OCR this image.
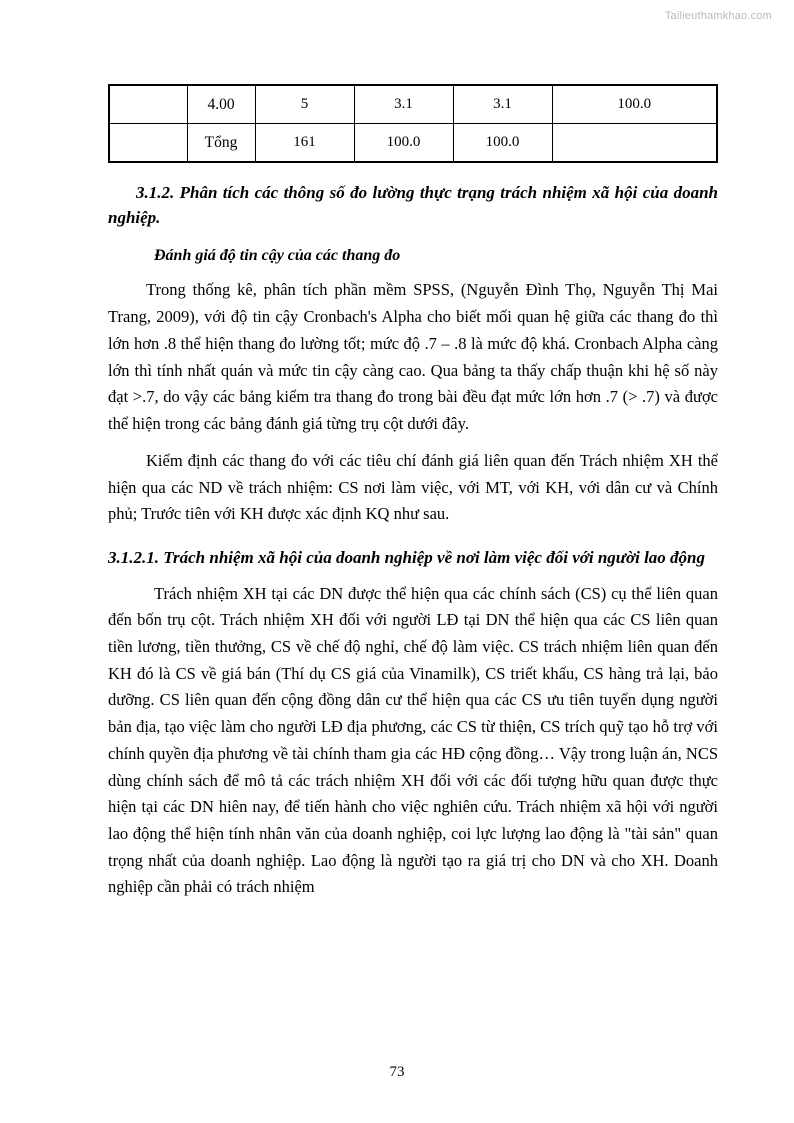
Tailieuthamkhao.com
	4.00	5	3.1	3.1	100.0
	Tổng	161	100.0	100.0	
3.1.2. Phân tích các thông số đo lường thực trạng trách nhiệm xã hội của doanh nghiệp.
Đánh giá độ tin cậy của các thang đo

Trong thống kê, phân tích phần mềm SPSS, (Nguyễn Đình Thọ, Nguyễn Thị Mai Trang, 2009), với độ tin cậy Cronbach's Alpha cho biết mối quan hệ giữa các thang đo thì lớn hơn .8 thể hiện thang đo lường tốt; mức độ .7 – .8 là mức độ khá. Cronbach Alpha càng lớn thì tính nhất quán và mức tin cậy càng cao. Qua bảng ta thấy chấp thuận khi hệ số này đạt >.7, do vậy các bảng kiểm tra thang đo trong bài đều đạt mức lớn hơn .7 (> .7) và được thể hiện trong các bảng đánh giá từng trụ cột dưới đây.

Kiểm định các thang đo với các tiêu chí đánh giá liên quan đến Trách nhiệm XH thể hiện qua các ND về trách nhiệm: CS nơi làm việc, với MT, với KH, với dân cư và Chính phủ; Trước tiên với KH được xác định KQ như sau.

3.1.2.1. Trách nhiệm xã hội của doanh nghiệp về nơi làm việc đối với người lao động

Trách nhiệm XH tại các DN được thể hiện qua các chính sách (CS) cụ thể liên quan đến bốn trụ cột. Trách nhiệm XH đối với người LĐ tại DN thể hiện qua các CS liên quan tiền lương, tiền thưởng, CS về chế độ nghỉ, chế độ làm việc. CS trách nhiệm liên quan đến KH đó là CS về giá bán (Thí dụ CS giá của Vinamilk), CS triết khấu, CS hàng trả lại, bảo dưỡng. CS liên quan đến cộng đồng dân cư thể hiện qua các CS ưu tiên tuyển dụng người bản địa, tạo việc làm cho người LĐ địa phương, các CS từ thiện, CS trích quỹ tạo hỗ trợ với chính quyền địa phương về tài chính tham gia các HĐ cộng đồng… Vậy trong luận án, NCS dùng chính sách để mô tả các trách nhiệm XH đối với các đối tượng hữu quan được thực hiện tại các DN hiên nay, để tiến hành cho việc nghiên cứu. Trách nhiệm xã hội với người lao động thể hiện tính nhân văn của doanh nghiệp, coi lực lượng lao động là "tài sản" quan trọng nhất của doanh nghiệp. Lao động là người tạo ra giá trị cho DN và cho XH. Doanh nghiệp cần phải có trách nhiệm

73
